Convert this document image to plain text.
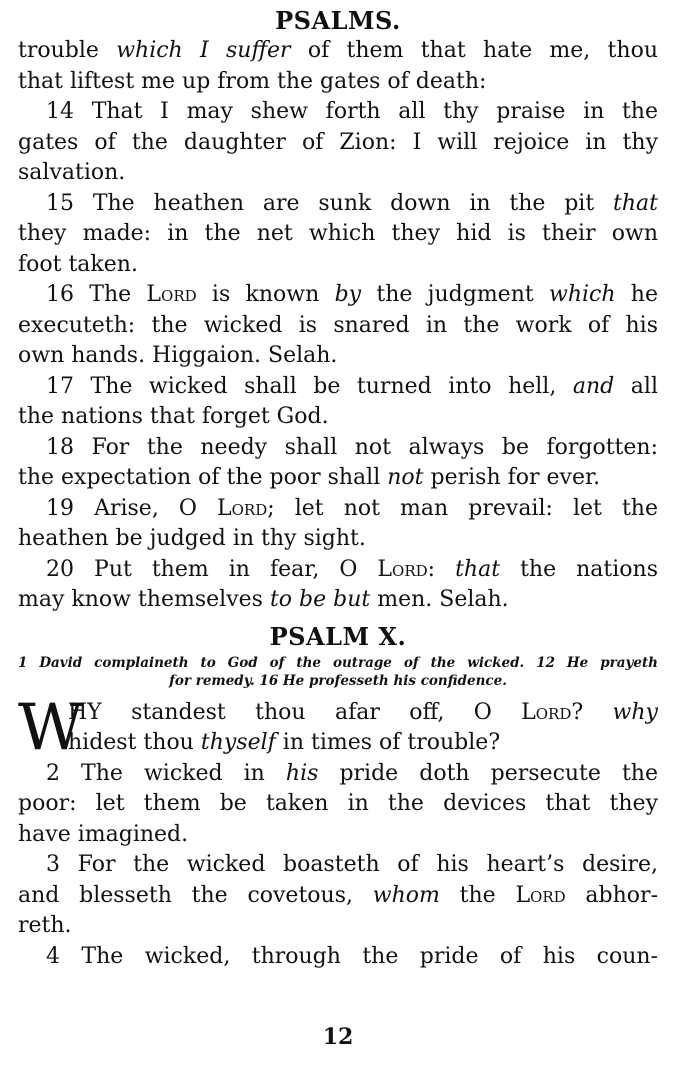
PSALMS.
trouble which I suffer of them that hate me, thou
that liftest me up from the gates of death:
14 That I may shew forth all thy praise in the
gates of the daughter of Zion: I will rejoice in thy
salvation.
15 The heathen are sunk down in the pit that
they made: in the net which they hid is their own
foot taken.
16 The Lord is known by the judgment which he
executeth: the wicked is snared in the work of his
own hands. Higgaion. Selah.
17 The wicked shall be turned into hell, and all
the nations that forget God.
18 For the needy shall not always be forgotten:
the expectation of the poor shall not perish for ever.
19 Arise, O Lord; let not man prevail: let the
heathen be judged in thy sight.
20 Put them in fear, O Lord: that the nations
may know themselves to be but men. Selah.
PSALM X.
1 David complaineth to God of the outrage of the wicked. 12 He prayeth
for remedy. 16 He professeth his confidence.
W
HY standest thou afar off, O Lord? why
hidest thou thyself in times of trouble?
2 The wicked in his pride doth persecute the
poor: let them be taken in the devices that they
have imagined.
3 For the wicked boasteth of his heart’s desire,
and blesseth the covetous, whom the Lord abhor-
reth.
4 The wicked, through the pride of his coun-
12
